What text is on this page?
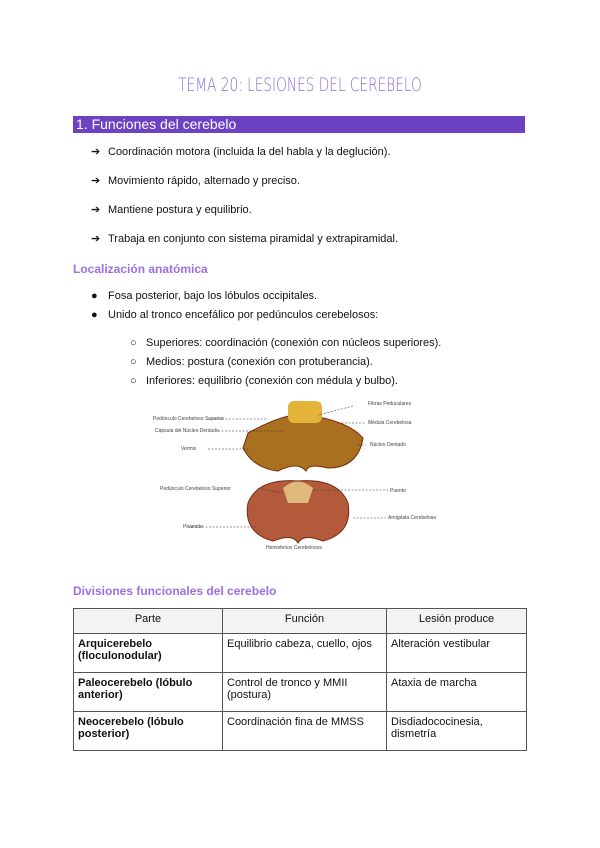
TEMA 20: LESIONES DEL CEREBELO
1. Funciones del cerebelo
➔ Coordinación motora (incluida la del habla y la deglución).
➔ Movimiento rápido, alternado y preciso.
➔ Mantiene postura y equilibrio.
➔ Trabaja en conjunto con sistema piramidal y extrapiramidal.
Localización anatómica
● Fosa posterior, bajo los lóbulos occipitales.
● Unido al tronco encefálico por pedúnculos cerebelosos:
○ Superiores: coordinación (conexión con núcleos superiores).
○ Medios: postura (conexión con protuberancia).
○ Inferiores: equilibrio (conexión con médula y bulbo).
Pedúnculo Cerebeloso Superior
Cápsula del Núcleo Dentado
Vermis
Fibras Peduculares
Médula Cerebelosa
Núcleo Dentado
Pedúnculo Cerebeloso Superior	Puente
Amígdala Cerebelosa
Pirámide
Hemisferios Cerebelosos
Divisiones funcionales del cerebelo
Parte	Función	Lesión produce
Arquicerebelo (floculonodular)	Equilibrio cabeza, cuello, ojos	Alteración vestibular
Paleocerebelo (lóbulo anterior)	Control de tronco y MMII (postura)	Ataxia de marcha
Neocerebelo (lóbulo posterior)	Coordinación fina de MMSS	Disdiadococinesia, dismetría
